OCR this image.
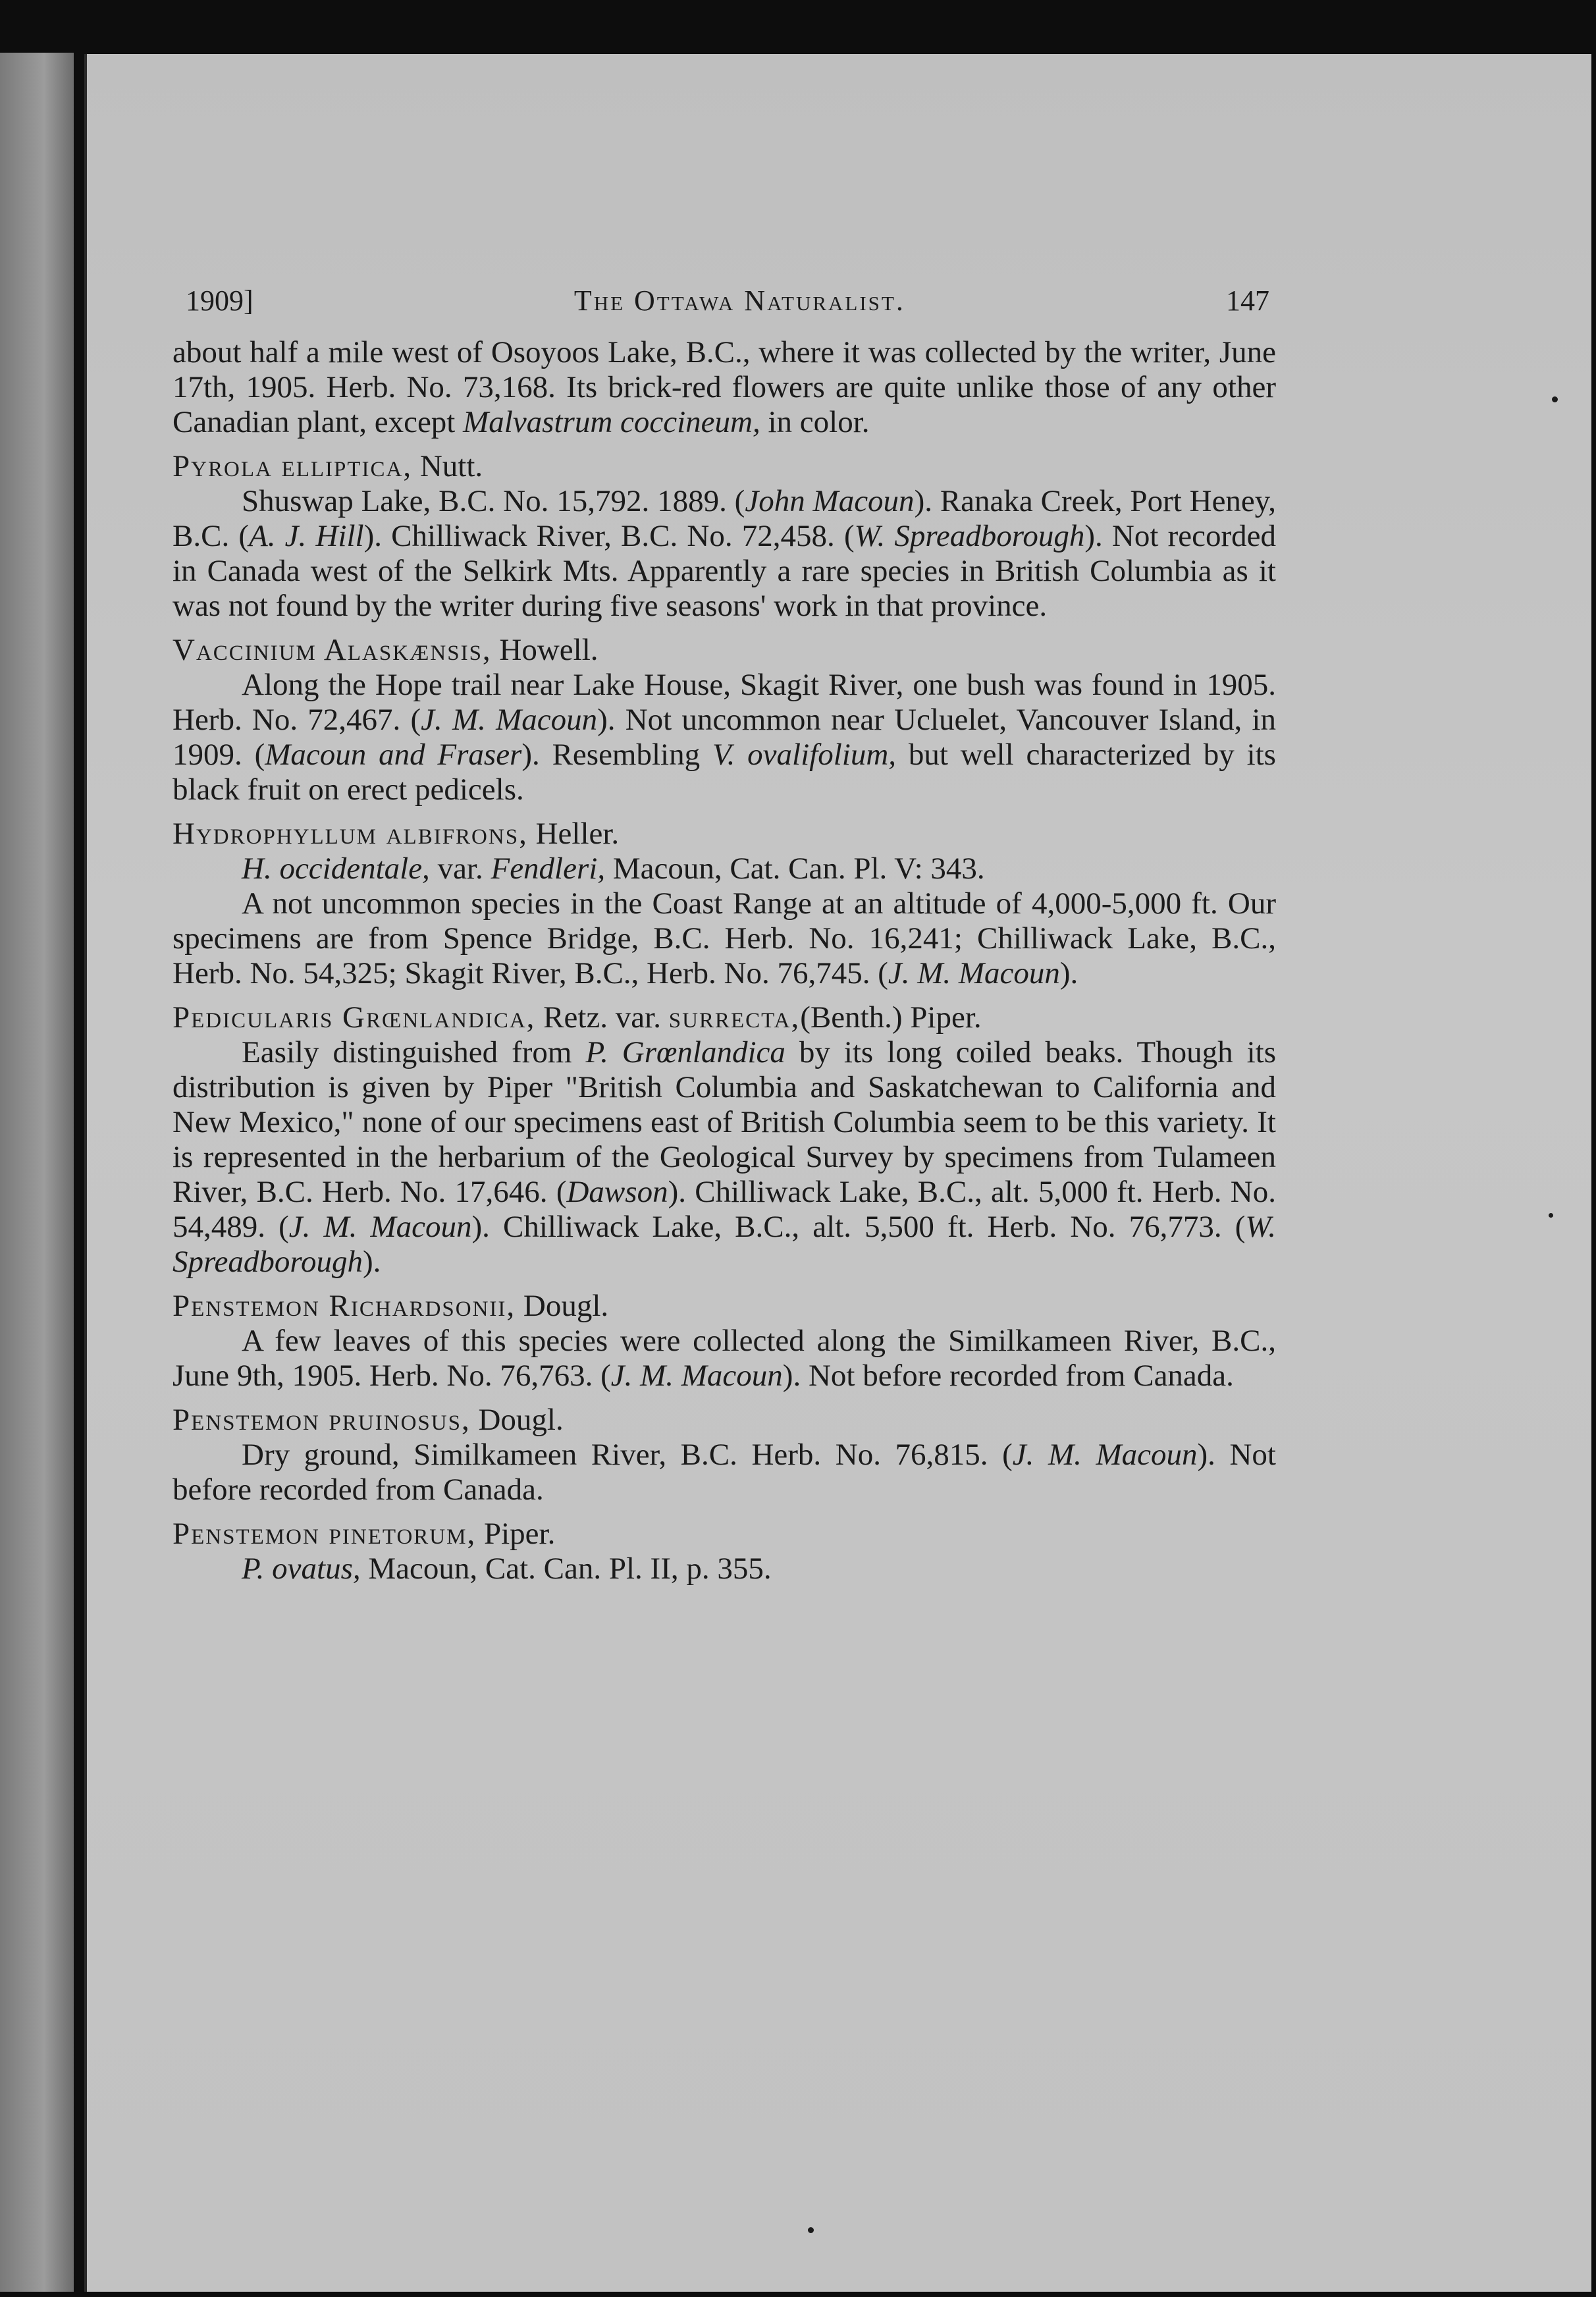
1909]	The Ottawa Naturalist.	147

about half a mile west of Osoyoos Lake, B.C., where it was collected by the writer, June 17th, 1905. Herb. No. 73,168. Its brick-red flowers are quite unlike those of any other Canadian plant, except Malvastrum coccineum, in color.

Pyrola elliptica, Nutt.

Shuswap Lake, B.C. No. 15,792. 1889. (John Macoun). Ranaka Creek, Port Heney, B.C. (A. J. Hill). Chilliwack River, B.C. No. 72,458. (W. Spreadborough). Not recorded in Canada west of the Selkirk Mts. Apparently a rare species in British Columbia as it was not found by the writer during five seasons' work in that province.

Vaccinium Alaskænsis, Howell.

Along the Hope trail near Lake House, Skagit River, one bush was found in 1905. Herb. No. 72,467. (J. M. Macoun). Not uncommon near Ucluelet, Vancouver Island, in 1909. (Macoun and Fraser). Resembling V. ovalifolium, but well characterized by its black fruit on erect pedicels.

Hydrophyllum albifrons, Heller.

H. occidentale, var. Fendleri, Macoun, Cat. Can. Pl. V: 343.

A not uncommon species in the Coast Range at an altitude of 4,000-5,000 ft. Our specimens are from Spence Bridge, B.C. Herb. No. 16,241; Chilliwack Lake, B.C., Herb. No. 54,325; Skagit River, B.C., Herb. No. 76,745. (J. M. Macoun).

Pedicularis Grœnlandica, Retz. var. surrecta,(Benth.) Piper.

Easily distinguished from P. Grœnlandica by its long coiled beaks. Though its distribution is given by Piper "British Columbia and Saskatchewan to California and New Mexico," none of our specimens east of British Columbia seem to be this variety. It is represented in the herbarium of the Geological Survey by specimens from Tulameen River, B.C. Herb. No. 17,646. (Dawson). Chilliwack Lake, B.C., alt. 5,000 ft. Herb. No. 54,489. (J. M. Macoun). Chilliwack Lake, B.C., alt. 5,500 ft. Herb. No. 76,773. (W. Spreadborough).

Penstemon Richardsonii, Dougl.

A few leaves of this species were collected along the Similkameen River, B.C., June 9th, 1905. Herb. No. 76,763. (J. M. Macoun). Not before recorded from Canada.

Penstemon pruinosus, Dougl.

Dry ground, Similkameen River, B.C. Herb. No. 76,815. (J. M. Macoun). Not before recorded from Canada.

Penstemon pinetorum, Piper.

P. ovatus, Macoun, Cat. Can. Pl. II, p. 355.
